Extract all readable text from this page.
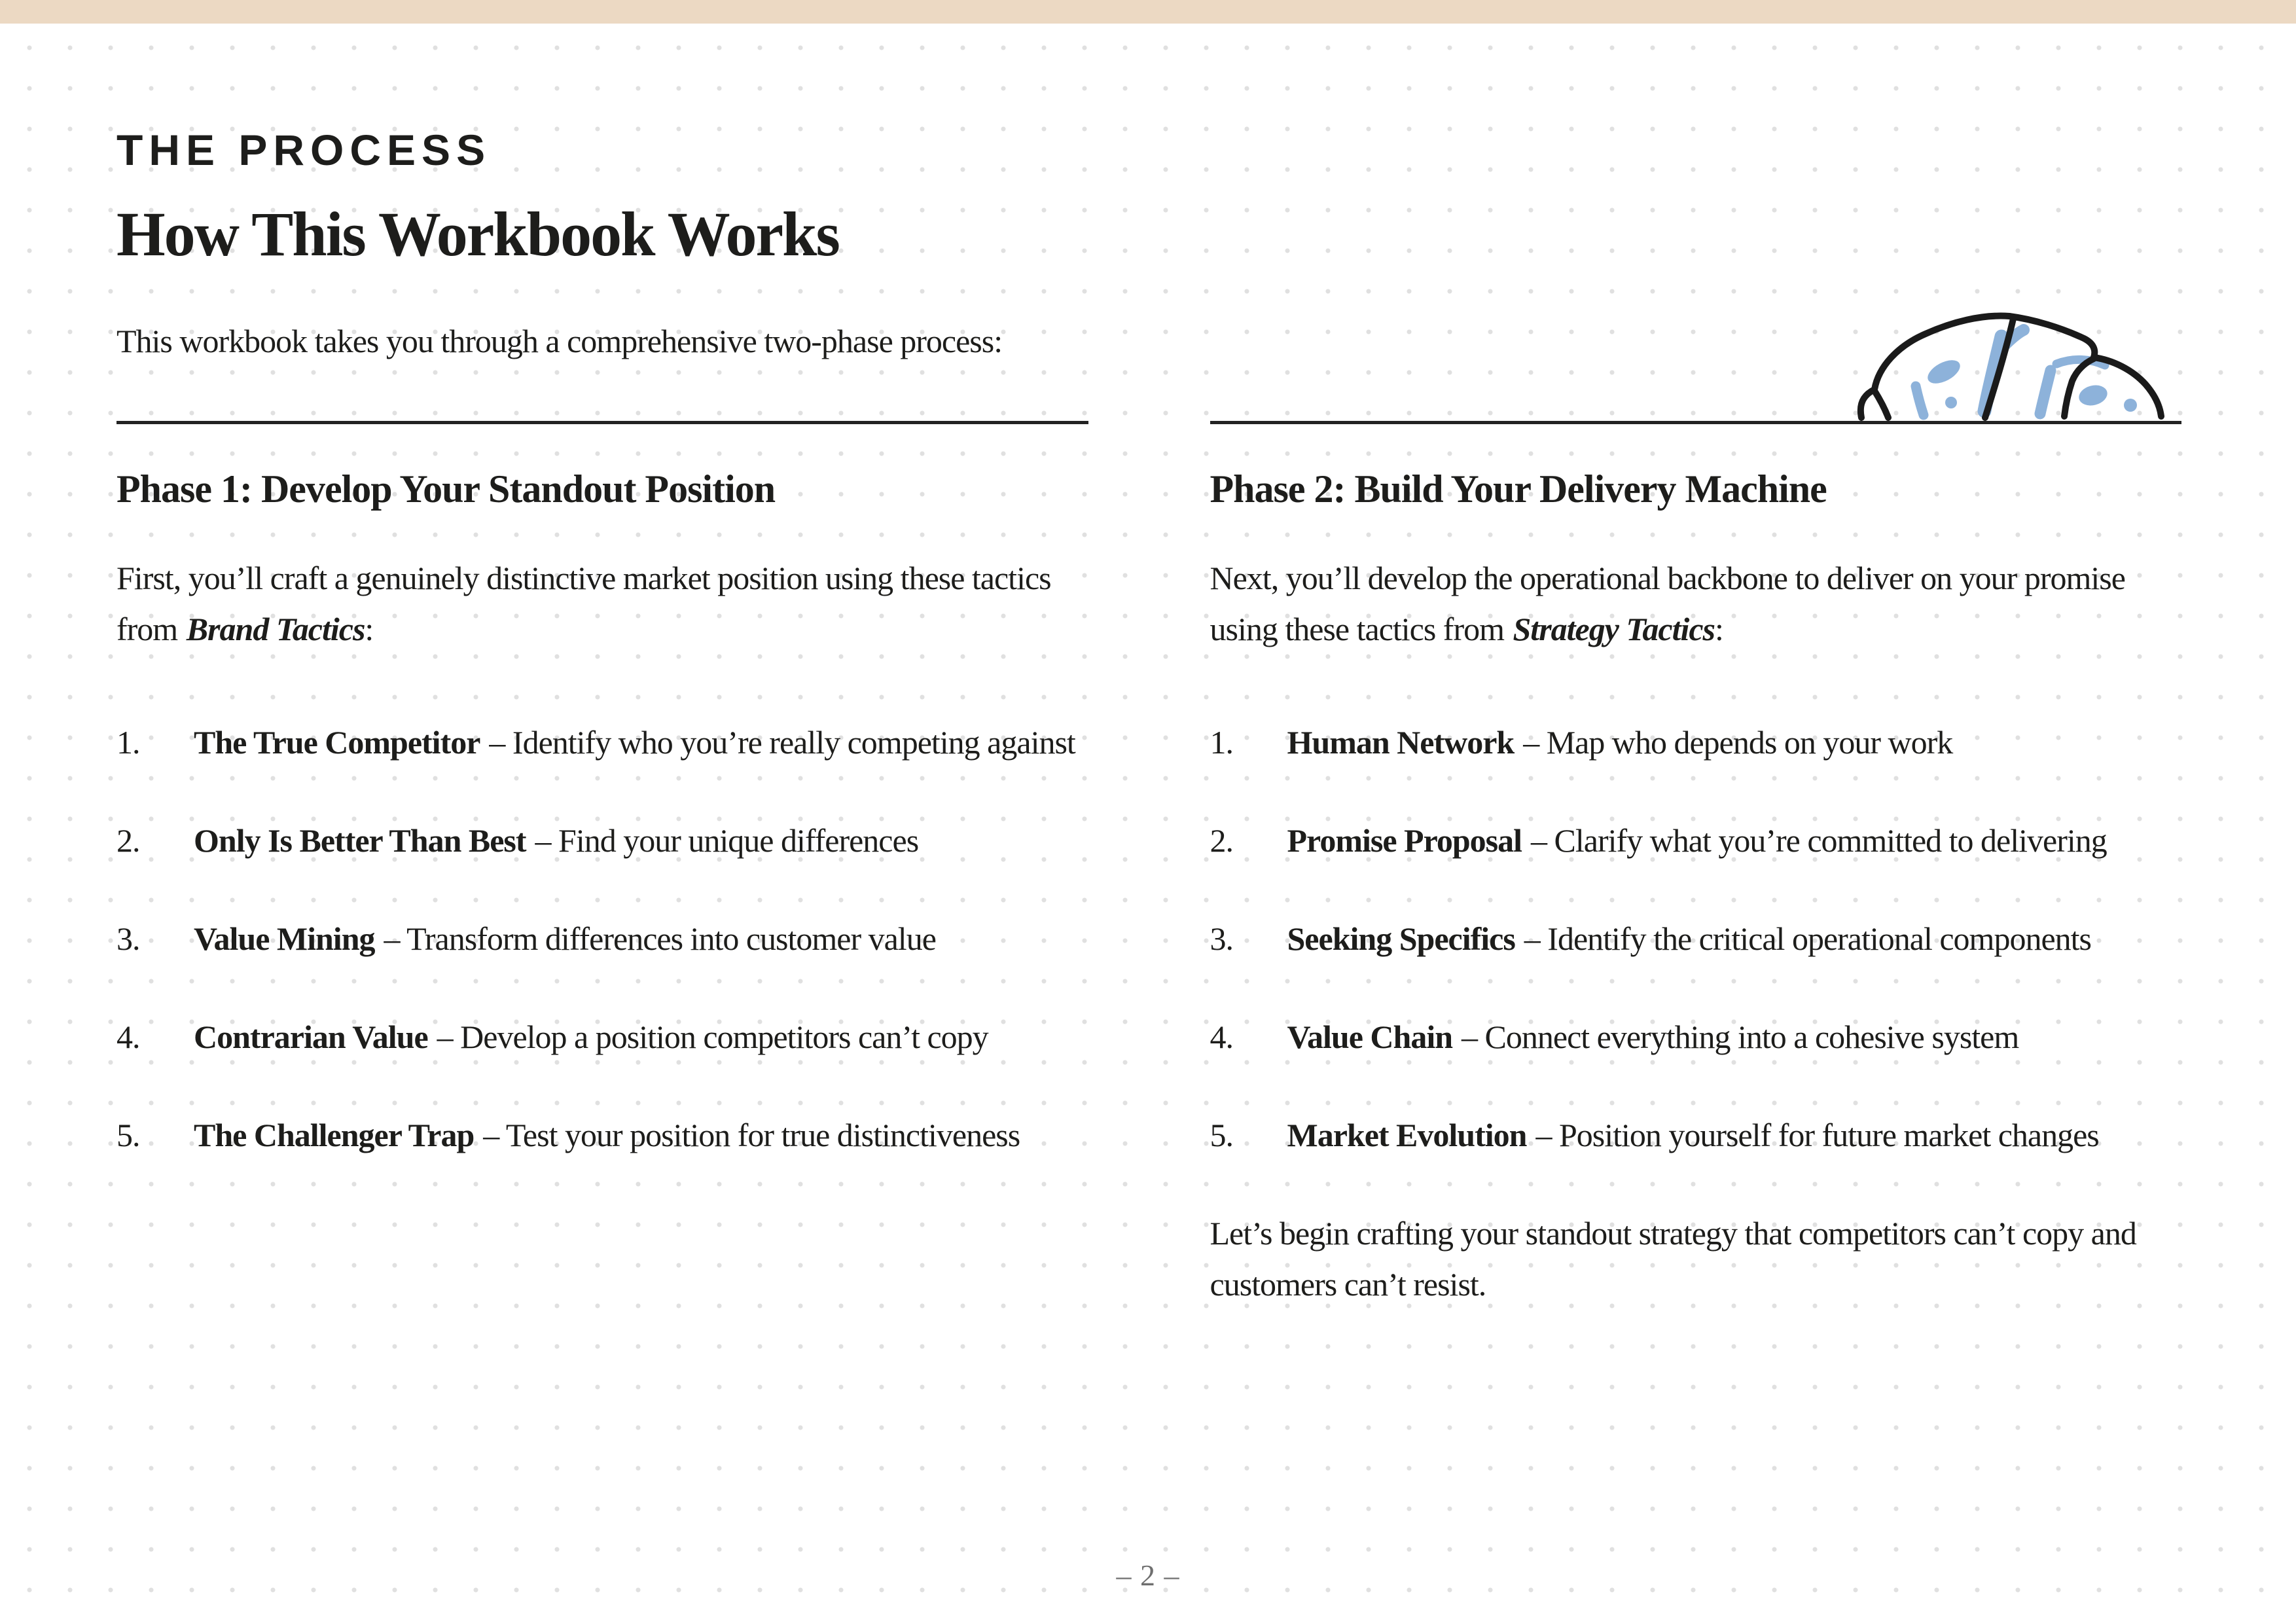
THE PROCESS
How This Workbook Works
This workbook takes you through a comprehensive two-phase process:
Phase 1: Develop Your Standout Position
First, you’ll craft a genuinely distinctive market position using these tactics from Brand Tactics:
1.	The True Competitor – Identify who you’re really competing against
2.	Only Is Better Than Best – Find your unique differences
3.	Value Mining – Transform differences into customer value
4.	Contrarian Value – Develop a position competitors can’t copy
5.	The Challenger Trap – Test your position for true distinctiveness
Phase 2: Build Your Delivery Machine
Next, you’ll develop the operational backbone to deliver on your promise using these tactics from Strategy Tactics:
1.	Human Network – Map who depends on your work
2.	Promise Proposal – Clarify what you’re committed to delivering
3.	Seeking Specifics – Identify the critical operational components
4.	Value Chain – Connect everything into a cohesive system
5.	Market Evolution – Position yourself for future market changes
Let’s begin crafting your standout strategy that competitors can’t copy and customers can’t resist.
– 2 –
